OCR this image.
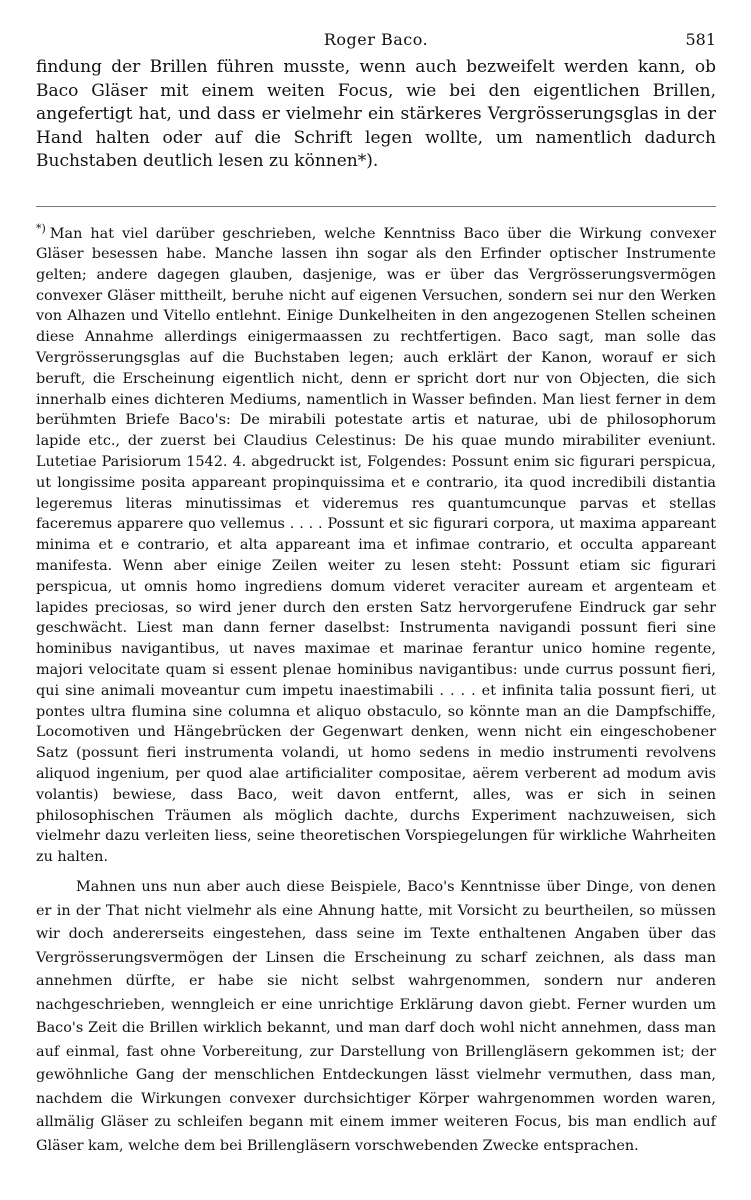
Roger Baco.	581

findung der Brillen führen musste, wenn auch bezweifelt werden kann, ob Baco Gläser mit einem weiten Focus, wie bei den eigentlichen Brillen, angefertigt hat, und dass er vielmehr ein stärkeres Vergrösserungsglas in der Hand halten oder auf die Schrift legen wollte, um namentlich dadurch Buchstaben deutlich lesen zu können*).

*) Man hat viel darüber geschrieben, welche Kenntniss Baco über die Wirkung convexer Gläser besessen habe. Manche lassen ihn sogar als den Erfinder optischer Instrumente gelten; andere dagegen glauben, dasjenige, was er über das Vergrösserungsvermögen convexer Gläser mittheilt, beruhe nicht auf eigenen Versuchen, sondern sei nur den Werken von Alhazen und Vitello entlehnt. Einige Dunkelheiten in den angezogenen Stellen scheinen diese Annahme allerdings einigermaassen zu rechtfertigen. Baco sagt, man solle das Vergrösserungsglas auf die Buchstaben legen; auch erklärt der Kanon, worauf er sich beruft, die Erscheinung eigentlich nicht, denn er spricht dort nur von Objecten, die sich innerhalb eines dichteren Mediums, namentlich in Wasser befinden. Man liest ferner in dem berühmten Briefe Baco's: De mirabili potestate artis et naturae, ubi de philosophorum lapide etc., der zuerst bei Claudius Celestinus: De his quae mundo mirabiliter eveniunt. Lutetiae Parisiorum 1542. 4. abgedruckt ist, Folgendes: Possunt enim sic figurari perspicua, ut longissime posita appareant propinquissima et e contrario, ita quod incredibili distantia legeremus literas minutissimas et videremus res quantumcunque parvas et stellas faceremus apparere quo vellemus . . . . Possunt et sic figurari corpora, ut maxima appareant minima et e contrario, et alta appareant ima et infimae contrario, et occulta appareant manifesta. Wenn aber einige Zeilen weiter zu lesen steht: Possunt etiam sic figurari perspicua, ut omnis homo ingrediens domum videret veraciter auream et argenteam et lapides preciosas, so wird jener durch den ersten Satz hervorgerufene Eindruck gar sehr geschwächt. Liest man dann ferner daselbst: Instrumenta navigandi possunt fieri sine hominibus navigantibus, ut naves maximae et marinae ferantur unico homine regente, majori velocitate quam si essent plenae hominibus navigantibus: unde currus possunt fieri, qui sine animali moveantur cum impetu inaestimabili . . . . et infinita talia possunt fieri, ut pontes ultra flumina sine columna et aliquo obstaculo, so könnte man an die Dampfschiffe, Locomotiven und Hängebrücken der Gegenwart denken, wenn nicht ein eingeschobener Satz (possunt fieri instrumenta volandi, ut homo sedens in medio instrumenti revolvens aliquod ingenium, per quod alae artificialiter compositae, aërem verberent ad modum avis volantis) bewiese, dass Baco, weit davon entfernt, alles, was er sich in seinen philosophischen Träumen als möglich dachte, durchs Experiment nachzuweisen, sich vielmehr dazu verleiten liess, seine theoretischen Vorspiegelungen für wirkliche Wahrheiten zu halten.

Mahnen uns nun aber auch diese Beispiele, Baco's Kenntnisse über Dinge, von denen er in der That nicht vielmehr als eine Ahnung hatte, mit Vorsicht zu beurtheilen, so müssen wir doch andererseits eingestehen, dass seine im Texte enthaltenen Angaben über das Vergrösserungsvermögen der Linsen die Erscheinung zu scharf zeichnen, als dass man annehmen dürfte, er habe sie nicht selbst wahrgenommen, sondern nur anderen nachgeschrieben, wenngleich er eine unrichtige Erklärung davon giebt. Ferner wurden um Baco's Zeit die Brillen wirklich bekannt, und man darf doch wohl nicht annehmen, dass man auf einmal, fast ohne Vorbereitung, zur Darstellung von Brillengläsern gekommen ist; der gewöhnliche Gang der menschlichen Entdeckungen lässt vielmehr vermuthen, dass man, nachdem die Wirkungen convexer durchsichtiger Körper wahrgenommen worden waren, allmälig Gläser zu schleifen begann mit einem immer weiteren Focus, bis man endlich auf Gläser kam, welche dem bei Brillengläsern vorschwebenden Zwecke entsprachen.
